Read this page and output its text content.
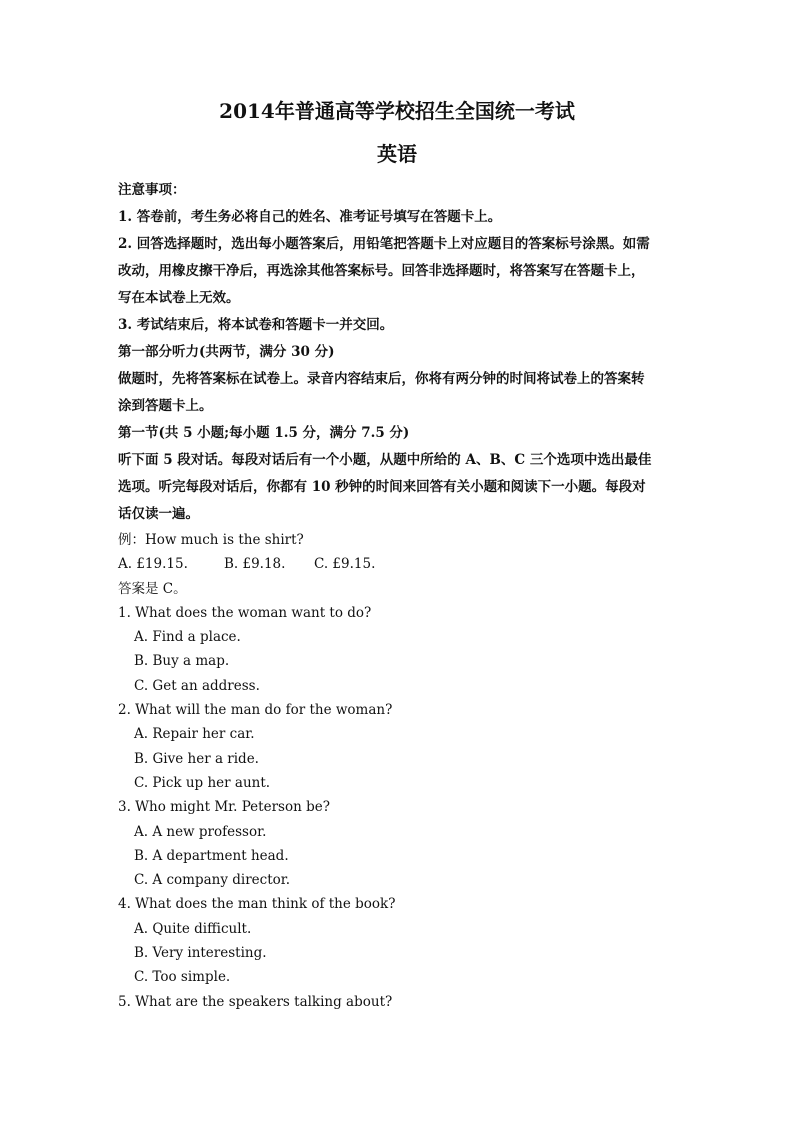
2014年普通高等学校招生全国统一考试
英语

注意事项：

1. 答卷前，考生务必将自己的姓名、准考证号填写在答题卡上。

2. 回答选择题时，选出每小题答案后，用铅笔把答题卡上对应题目的答案标号涂黑。如需

改动，用橡皮擦干净后，再选涂其他答案标号。回答非选择题时，将答案写在答题卡上，

写在本试卷上无效。

3. 考试结束后，将本试卷和答题卡一并交回。

第一部分听力(共两节，满分 30 分)

做题时，先将答案标在试卷上。录音内容结束后，你将有两分钟的时间将试卷上的答案转

涂到答题卡上。

第一节(共 5 小题;每小题 1.5 分，满分 7.5 分)

听下面 5 段对话。每段对话后有一个小题，从题中所给的 A、B、C 三个选项中选出最佳

选项。听完每段对话后，你都有 10 秒钟的时间来回答有关小题和阅读下一小题。每段对

话仅读一遍。

例：How much is the shirt?

A. £19.15.	B. £9.18.	C. £9.15.

答案是 C。

1. What does the woman want to do?

A. Find a place.

B. Buy a map.

C. Get an address.

2. What will the man do for the woman?

A. Repair her car.

B. Give her a ride.

C. Pick up her aunt.

3. Who might Mr. Peterson be?

A. A new professor.

B. A department head.

C. A company director.

4. What does the man think of the book?

A. Quite difficult.

B. Very interesting.

C. Too simple.

5. What are the speakers talking about?
